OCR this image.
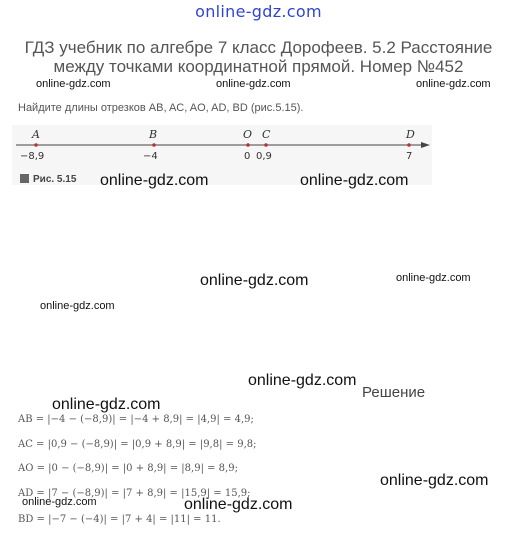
online-gdz.com
ГДЗ учебник по алгебре 7 класс Дорофеев. 5.2 Расстояние между точками координатной прямой. Номер №452
online-gdz.com	online-gdz.com	online-gdz.com
Найдите длины отрезков AB, AC, AO, AD, BD (рис.5.15).
A	B	O C	D
−8,9	−4	0 0,9	7
Рис. 5.15 online-gdz.com	online-gdz.com
online-gdz.com	online-gdz.com
online-gdz.com
online-gdz.com
online-gdz.com
online-gdz.com
online-gdz.com	online-gdz.com
Решение
AB = |−4 − (−8,9)| = |−4 + 8,9| = |4,9| = 4,9;
AC = |0,9 − (−8,9)| = |0,9 + 8,9| = |9,8| = 9,8;
AO = |0 − (−8,9)| = |0 + 8,9| = |8,9| = 8,9;
AD = |7 − (−8,9)| = |7 + 8,9| = |15,9| = 15,9;
BD = |−7 − (−4)| = |7 + 4| = |11| = 11.
